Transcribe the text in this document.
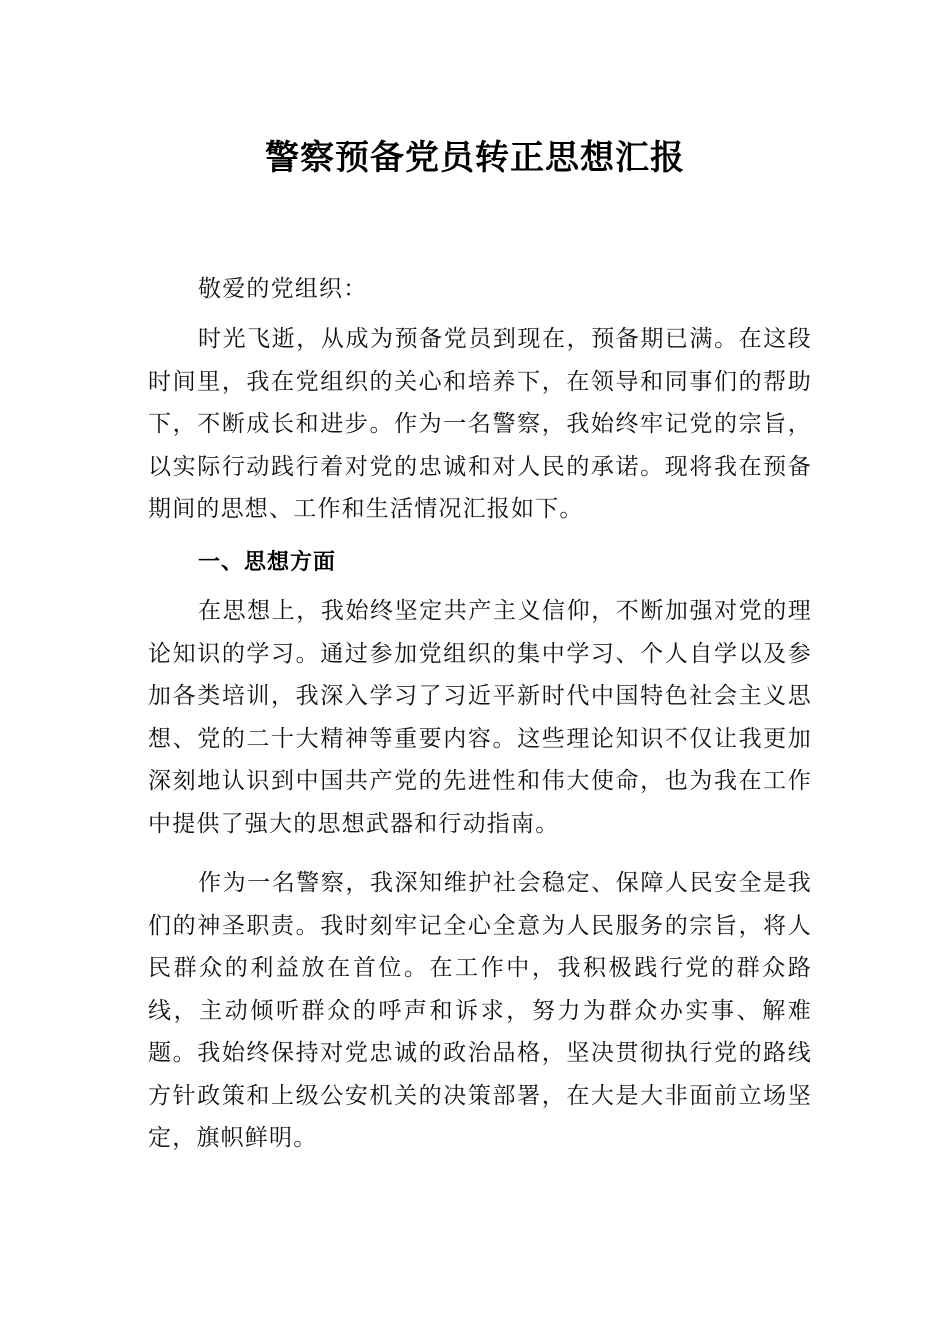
警察预备党员转正思想汇报

敬爱的党组织：

时光飞逝，从成为预备党员到现在，预备期已满。在这段时间里，我在党组织的关心和培养下，在领导和同事们的帮助下，不断成长和进步。作为一名警察，我始终牢记党的宗旨，以实际行动践行着对党的忠诚和对人民的承诺。现将我在预备期间的思想、工作和生活情况汇报如下。

一、思想方面

在思想上，我始终坚定共产主义信仰，不断加强对党的理论知识的学习。通过参加党组织的集中学习、个人自学以及参加各类培训，我深入学习了习近平新时代中国特色社会主义思想、党的二十大精神等重要内容。这些理论知识不仅让我更加深刻地认识到中国共产党的先进性和伟大使命，也为我在工作中提供了强大的思想武器和行动指南。

作为一名警察，我深知维护社会稳定、保障人民安全是我们的神圣职责。我时刻牢记全心全意为人民服务的宗旨，将人民群众的利益放在首位。在工作中，我积极践行党的群众路线，主动倾听群众的呼声和诉求，努力为群众办实事、解难题。我始终保持对党忠诚的政治品格，坚决贯彻执行党的路线方针政策和上级公安机关的决策部署，在大是大非面前立场坚定，旗帜鲜明。
